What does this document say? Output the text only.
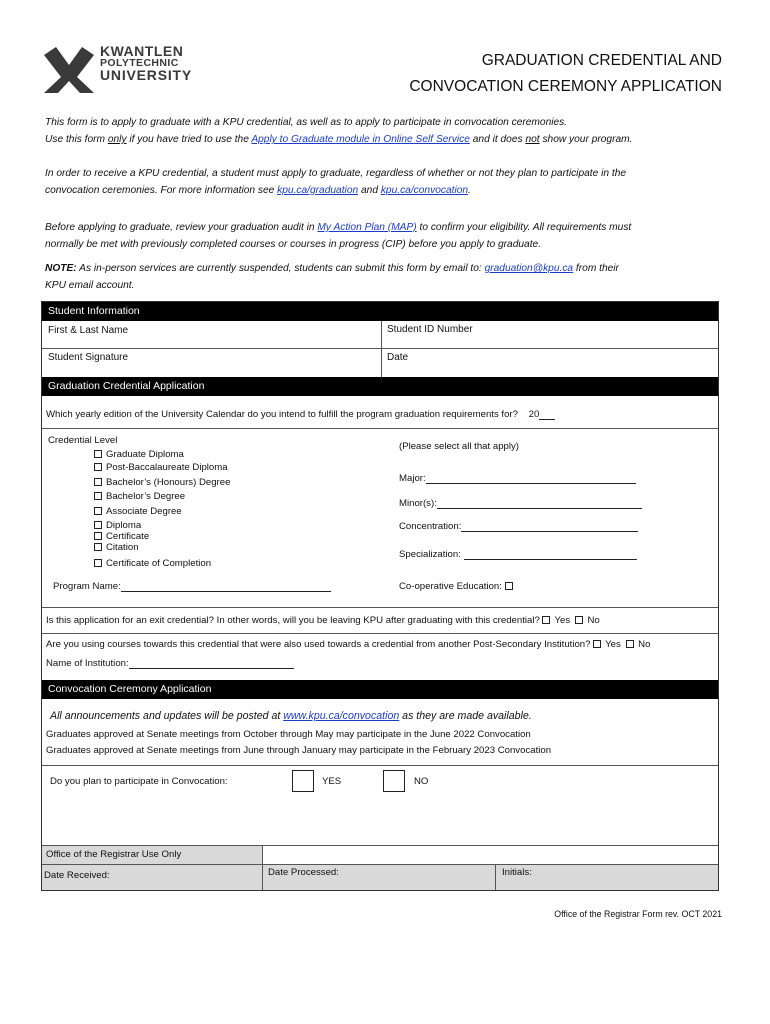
KWANTLEN
POLYTECHNIC
UNIVERSITY
GRADUATION CREDENTIAL AND
CONVOCATION CEREMONY APPLICATION
This form is to apply to graduate with a KPU credential, as well as to apply to participate in convocation ceremonies.
Use this form only if you have tried to use the Apply to Graduate module in Online Self Service and it does not show your program.
In order to receive a KPU credential, a student must apply to graduate, regardless of whether or not they plan to participate in the
convocation ceremonies. For more information see kpu.ca/graduation and kpu.ca/convocation.
Before applying to graduate, review your graduation audit in My Action Plan (MAP) to confirm your eligibility. All requirements must
normally be met with previously completed courses or courses in progress (CIP) before you apply to graduate.
NOTE: As in-person services are currently suspended, students can submit this form by email to: graduation@kpu.ca from their
KPU email account.
Student Information
First & Last Name	Student ID Number
Student Signature	Date
Graduation Credential Application
Which yearly edition of the University Calendar do you intend to fulfill the program graduation requirements for? 20
Credential Level
Graduate Diploma
Post-Baccalaureate Diploma
Bachelor’s (Honours) Degree
Bachelor’s Degree
Associate Degree
Diploma
Certificate
Citation
Certificate of Completion
(Please select all that apply)
Major:
Minor(s):
Concentration:
Specialization:
Co-operative Education:
Program Name:
Is this application for an exit credential? In other words, will you be leaving KPU after graduating with this credential? Yes No
Are you using courses towards this credential that were also used towards a credential from another Post-Secondary Institution? Yes No
Name of Institution:
Convocation Ceremony Application
All announcements and updates will be posted at www.kpu.ca/convocation as they are made available.
Graduates approved at Senate meetings from October through May may participate in the June 2022 Convocation
Graduates approved at Senate meetings from June through January may participate in the February 2023 Convocation
Do you plan to participate in Convocation:	YES	NO
Office of the Registrar Use Only
Date Received:	Date Processed:	Initials:
Office of the Registrar Form rev. OCT 2021
